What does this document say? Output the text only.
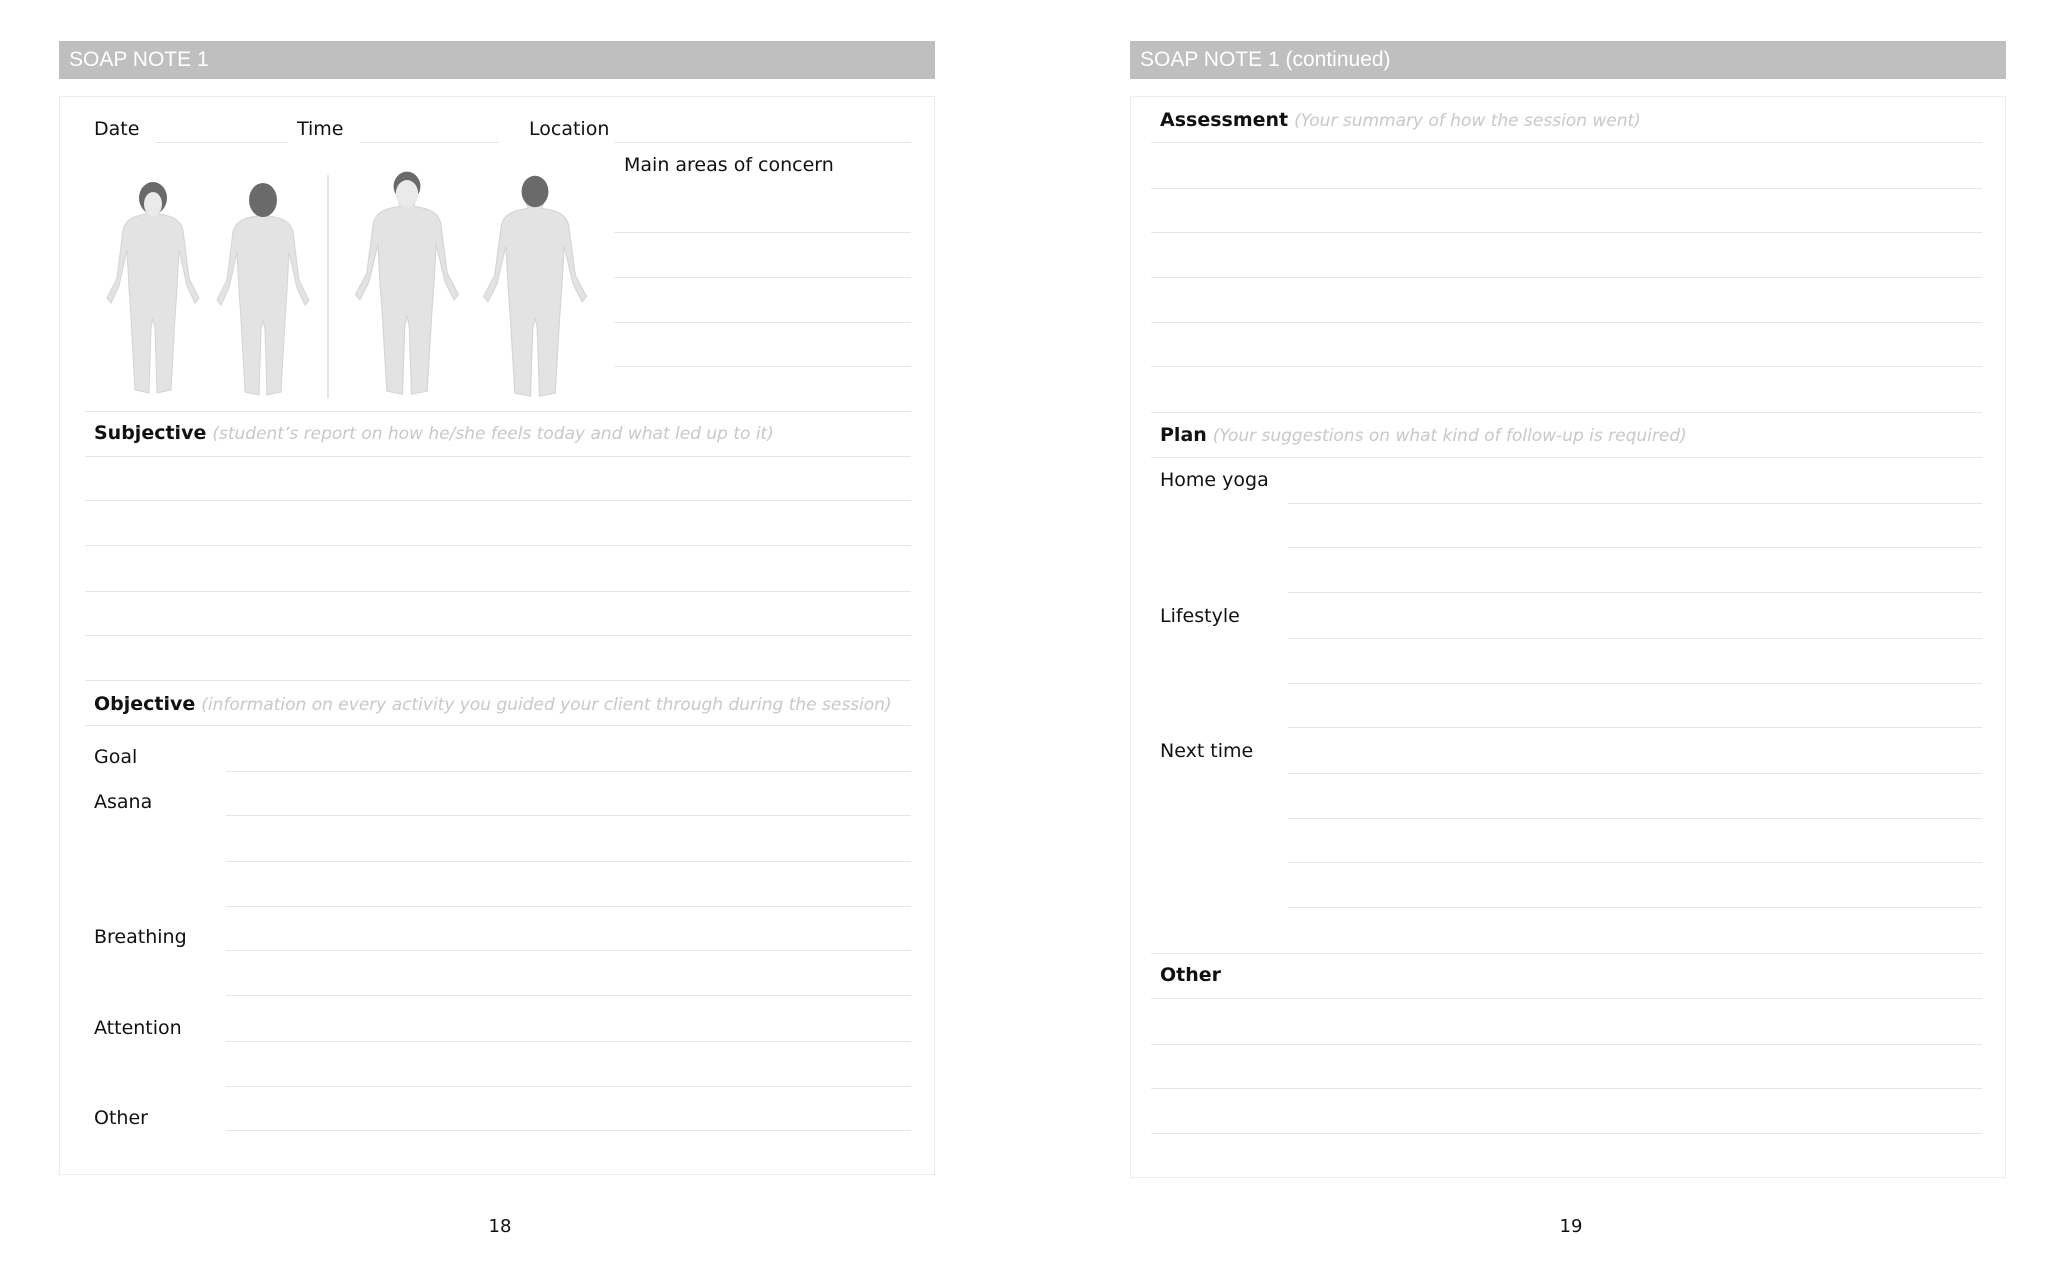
SOAP NOTE 1
Date	Time	Location
Main areas of concern
Subjective (student’s report on how he/she feels today and what led up to it)
Objective (information on every activity you guided your client through during the session)
Goal
Asana
Breathing
Attention
Other
18
SOAP NOTE 1 (continued)
Assessment (Your summary of how the session went)
Plan (Your suggestions on what kind of follow-up is required)
Home yoga
Lifestyle
Next time
Other
19
